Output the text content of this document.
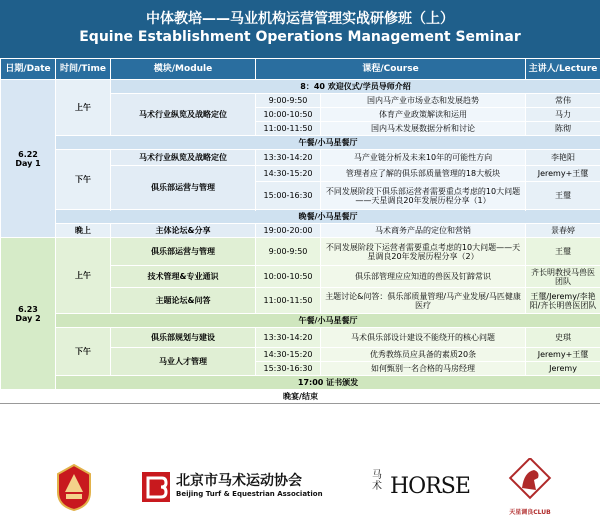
中体教培——马业机构运营管理实战研修班（上）
Equine Establishment Operations Management Seminar
日期/Date	时间/Time	模块/Module	课程/Course		主讲人/Lecture

6.22
Day 1	上午	8：40 欢迎仪式/学员导师介绍			
		马术行业纵览及战略定位	9:00-9:50	国内马产业市场业态和发展趋势	常伟
			10:00-10:50	体育产业政策解读和运用	马力
			11:00-11:50	国内马术发展数据分析和讨论	陈彻
	午餐/小马星餐厅				
	下午	马术行业纵览及战略定位	13:30-14:20	马产业链分析及未来10年的可能性方向	李艳阳
		俱乐部运营与管理	14:30-15:20	管理者应了解的俱乐部质量管理的18大板块	Jeremy+王璽
			15:00-16:30	不同发展阶段下俱乐部运营者需要重点考虑的10大问题——天星调良20年发展历程分享（1）	王璽

	晚餐/小马星餐厅				
	晚上	主体论坛&分享	19:00-20:00	马术商务产品的定位和营销	景春婷

6.23
Day 2	上午	俱乐部运营与管理	9:00-9:50	不同发展阶段下运营者需要重点考虑的10大问题——天星调良20年发展历程分享（2）	王璽
		技术管理&专业通识	10:00-10:50	俱乐部管理应应知道的兽医及钉蹄常识	齐长明教授马兽医团队
		主题论坛&问答	11:00-11:50	主题讨论&问答：俱乐部质量管理/马产业发展/马匹健康医疗	王璽/Jeremy/李艳阳/齐长明兽医团队
	午餐/小马星餐厅				
	下午	俱乐部规划与建设	13:30-14:20	马术俱乐部设计建设不能绕开的核心问题	史琪
		马业人才管理	14:30-15:20	优秀教练员应具备的素质20条	Jeremy+王璽
			15:30-16:30	如何甄别一名合格的马房经理	Jeremy
	17:00 证书颁发				

晚宴/结束					
北京市马术运动协会
Beijing Turf & Equestrian Association
马术 HORSE
天星调良CLUB
